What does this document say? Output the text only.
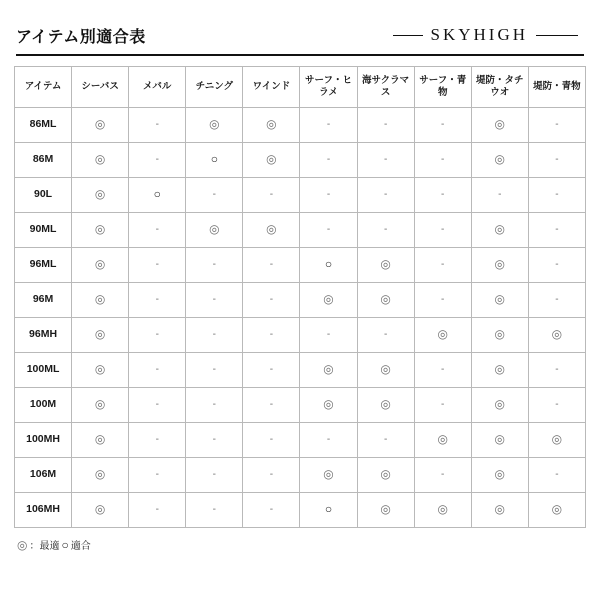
アイテム別適合表	SKYHIGH
アイテム	シーバス	メバル	チニング	ワインド	サーフ・ヒラメ	海サクラマス	サーフ・青物	堤防・タチウオ	堤防・青物
86ML	◎	-	◎	◎	-	-	-	◎	-
86M	◎	-	○	◎	-	-	-	◎	-
90L	◎	○	-	-	-	-	-	-	-
90ML	◎	-	◎	◎	-	-	-	◎	-
96ML	◎	-	-	-	○	◎	-	◎	-
96M	◎	-	-	-	◎	◎	-	◎	-
96MH	◎	-	-	-	-	-	◎	◎	◎
100ML	◎	-	-	-	◎	◎	-	◎	-
100M	◎	-	-	-	◎	◎	-	◎	-
100MH	◎	-	-	-	-	-	◎	◎	◎
106M	◎	-	-	-	◎	◎	-	◎	-
106MH	◎	-	-	-	○	◎	◎	◎	◎
◎ ：最適 ○ 適合
